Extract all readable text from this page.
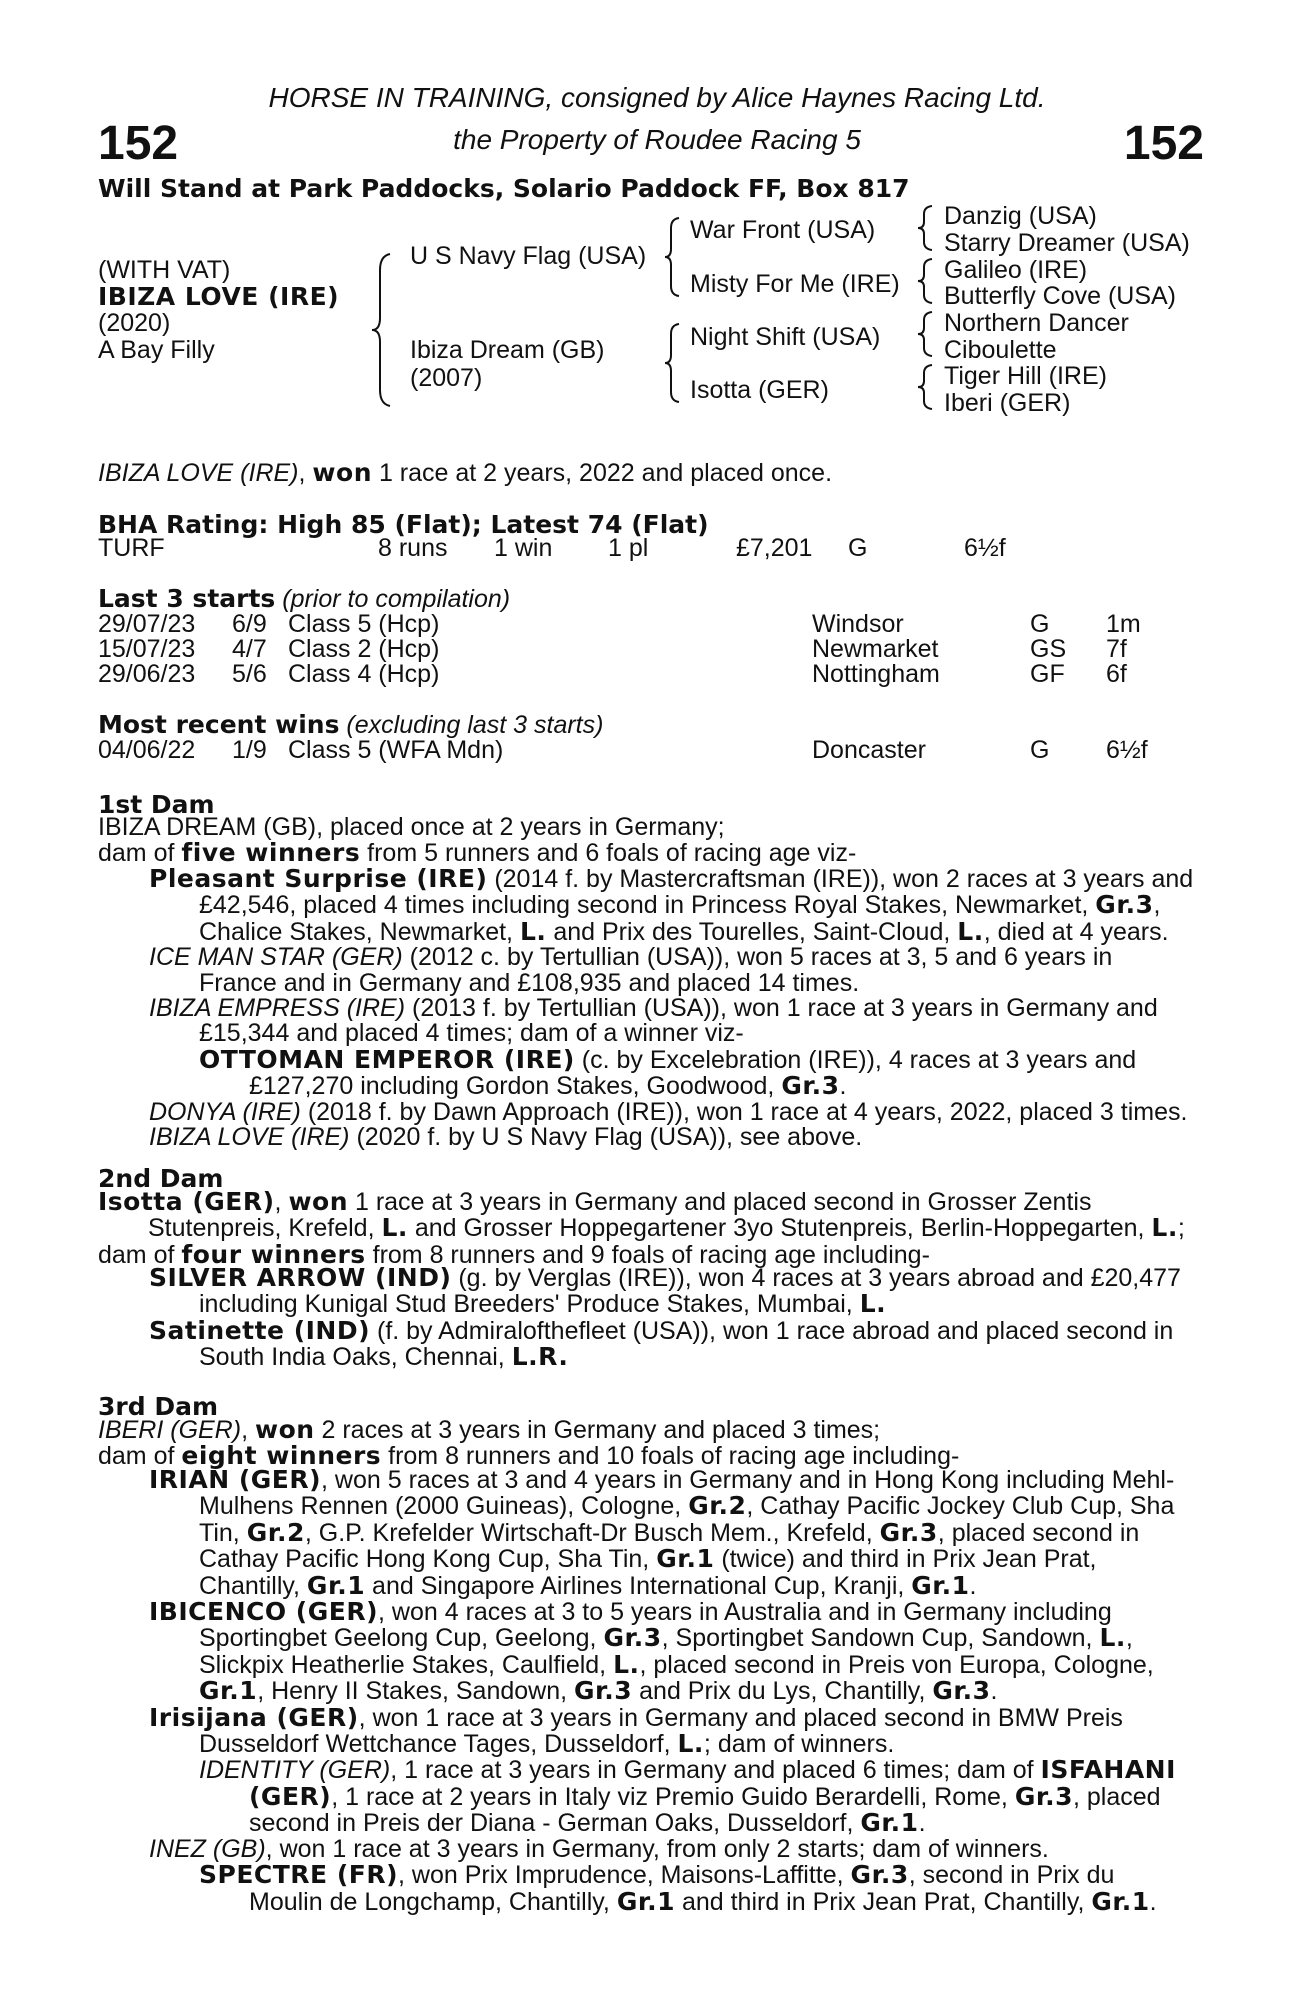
HORSE IN TRAINING, consigned by Alice Haynes Racing Ltd.
the Property of Roudee Racing 5
152	152
Will Stand at Park Paddocks, Solario Paddock FF, Box 817
(WITH VAT)
IBIZA LOVE (IRE)
(2020)
A Bay Filly
U S Navy Flag (USA)
Ibiza Dream (GB)
(2007)
War Front (USA)
Misty For Me (IRE)
Night Shift (USA)
Isotta (GER)
Danzig (USA)
Starry Dreamer (USA)
Galileo (IRE)
Butterfly Cove (USA)
Northern Dancer
Ciboulette
Tiger Hill (IRE)
Iberi (GER)
IBIZA LOVE (IRE), won 1 race at 2 years, 2022 and placed once.
BHA Rating: High 85 (Flat); Latest 74 (Flat)
TURF	8 runs 1 win 1 pl	£7,201 G	6½f
Last 3 starts (prior to compilation)
29/07/23 6/9 Class 5 (Hcp)	Windsor	G 1m
15/07/23 4/7 Class 2 (Hcp)	Newmarket	GS 7f
29/06/23 5/6 Class 4 (Hcp)	Nottingham	GF 6f
Most recent wins (excluding last 3 starts)
04/06/22 1/9 Class 5 (WFA Mdn)	Doncaster	G 6½f
1st Dam
IBIZA DREAM (GB), placed once at 2 years in Germany;
dam of five winners from 5 runners and 6 foals of racing age viz-
Pleasant Surprise (IRE) (2014 f. by Mastercraftsman (IRE)), won 2 races at 3 years and
£42,546, placed 4 times including second in Princess Royal Stakes, Newmarket, Gr.3,
Chalice Stakes, Newmarket, L. and Prix des Tourelles, Saint-Cloud, L., died at 4 years.
ICE MAN STAR (GER) (2012 c. by Tertullian (USA)), won 5 races at 3, 5 and 6 years in
France and in Germany and £108,935 and placed 14 times.
IBIZA EMPRESS (IRE) (2013 f. by Tertullian (USA)), won 1 race at 3 years in Germany and
£15,344 and placed 4 times; dam of a winner viz-
OTTOMAN EMPEROR (IRE) (c. by Excelebration (IRE)), 4 races at 3 years and
£127,270 including Gordon Stakes, Goodwood, Gr.3.
DONYA (IRE) (2018 f. by Dawn Approach (IRE)), won 1 race at 4 years, 2022, placed 3 times.
IBIZA LOVE (IRE) (2020 f. by U S Navy Flag (USA)), see above.
2nd Dam
Isotta (GER), won 1 race at 3 years in Germany and placed second in Grosser Zentis
Stutenpreis, Krefeld, L. and Grosser Hoppegartener 3yo Stutenpreis, Berlin-Hoppegarten, L.;
dam of four winners from 8 runners and 9 foals of racing age including-
SILVER ARROW (IND) (g. by Verglas (IRE)), won 4 races at 3 years abroad and £20,477
including Kunigal Stud Breeders' Produce Stakes, Mumbai, L.
Satinette (IND) (f. by Admiralofthefleet (USA)), won 1 race abroad and placed second in
South India Oaks, Chennai, L.R.
3rd Dam
IBERI (GER), won 2 races at 3 years in Germany and placed 3 times;
dam of eight winners from 8 runners and 10 foals of racing age including-
IRIAN (GER), won 5 races at 3 and 4 years in Germany and in Hong Kong including Mehl-
Mulhens Rennen (2000 Guineas), Cologne, Gr.2, Cathay Pacific Jockey Club Cup, Sha
Tin, Gr.2, G.P. Krefelder Wirtschaft-Dr Busch Mem., Krefeld, Gr.3, placed second in
Cathay Pacific Hong Kong Cup, Sha Tin, Gr.1 (twice) and third in Prix Jean Prat,
Chantilly, Gr.1 and Singapore Airlines International Cup, Kranji, Gr.1.
IBICENCO (GER), won 4 races at 3 to 5 years in Australia and in Germany including
Sportingbet Geelong Cup, Geelong, Gr.3, Sportingbet Sandown Cup, Sandown, L.,
Slickpix Heatherlie Stakes, Caulfield, L., placed second in Preis von Europa, Cologne,
Gr.1, Henry II Stakes, Sandown, Gr.3 and Prix du Lys, Chantilly, Gr.3.
Irisijana (GER), won 1 race at 3 years in Germany and placed second in BMW Preis
Dusseldorf Wettchance Tages, Dusseldorf, L.; dam of winners.
IDENTITY (GER), 1 race at 3 years in Germany and placed 6 times; dam of ISFAHANI
(GER), 1 race at 2 years in Italy viz Premio Guido Berardelli, Rome, Gr.3, placed
second in Preis der Diana - German Oaks, Dusseldorf, Gr.1.
INEZ (GB), won 1 race at 3 years in Germany, from only 2 starts; dam of winners.
SPECTRE (FR), won Prix Imprudence, Maisons-Laffitte, Gr.3, second in Prix du
Moulin de Longchamp, Chantilly, Gr.1 and third in Prix Jean Prat, Chantilly, Gr.1.
